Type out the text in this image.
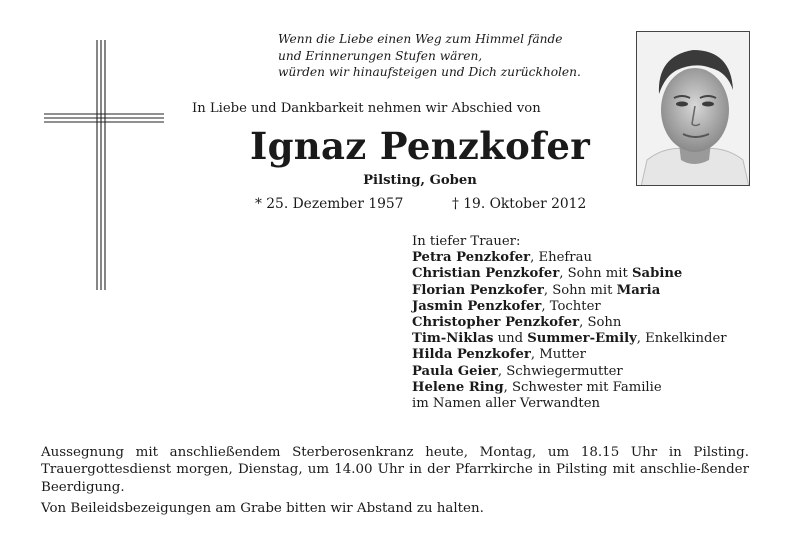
Wenn die Liebe einen Weg zum Himmel fände
und Erinnerungen Stufen wären,
würden wir hinaufsteigen und Dich zurückholen.
In Liebe und Dankbarkeit nehmen wir Abschied von
Ignaz Penzkofer
Pilsting, Goben
* 25. Dezember 1957	† 19. Oktober 2012
In tiefer Trauer:
Petra Penzkofer, Ehefrau
Christian Penzkofer, Sohn mit Sabine
Florian Penzkofer, Sohn mit Maria
Jasmin Penzkofer, Tochter
Christopher Penzkofer, Sohn
Tim-Niklas und Summer-Emily, Enkelkinder
Hilda Penzkofer, Mutter
Paula Geier, Schwiegermutter
Helene Ring, Schwester mit Familie
im Namen aller Verwandten

Aussegnung mit anschließendem Sterberosenkranz heute, Montag, um 18.15 Uhr in Pilsting. Trauergottesdienst morgen, Dienstag, um 14.00 Uhr in der Pfarrkirche in Pilsting mit anschlie-ßender Beerdigung.

Von Beileidsbezeigungen am Grabe bitten wir Abstand zu halten.
